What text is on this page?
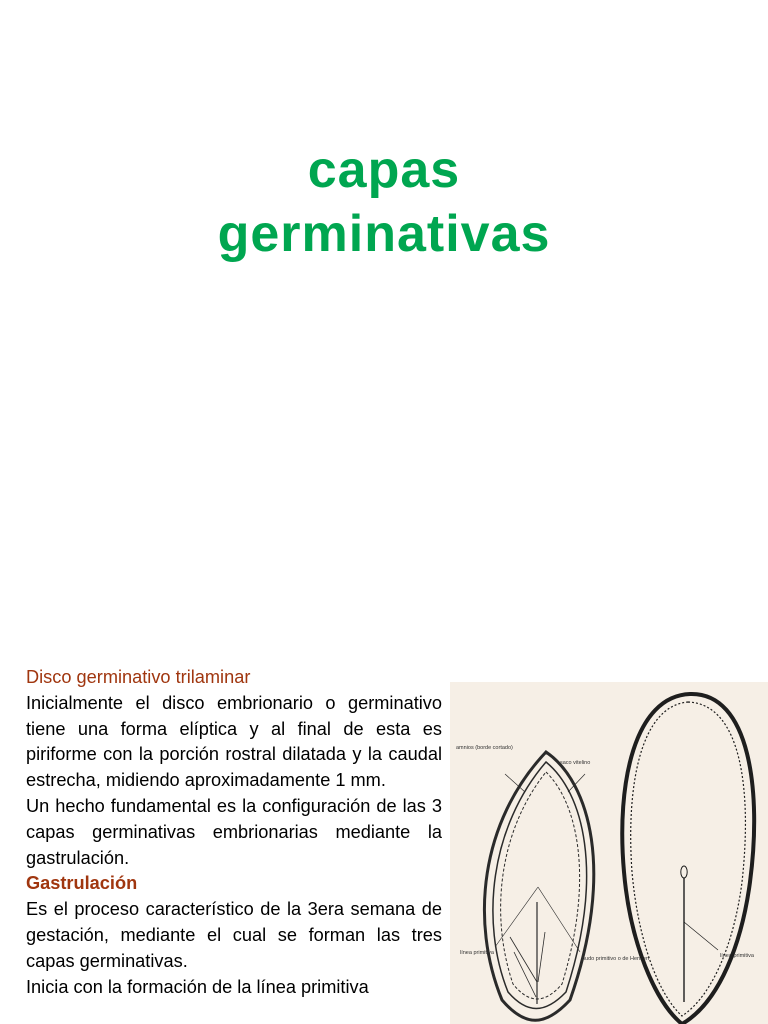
capas
germinativas

Disco germinativo trilaminar

Inicialmente el disco embrionario o germinativo tiene una forma elíptica y al final de esta es piriforme con la porción rostral dilatada y la caudal estrecha, midiendo aproximadamente 1 mm.

Un hecho fundamental es la configuración de las 3 capas germinativas embrionarias mediante la gastrulación.

Gastrulación

Es el proceso característico de la 3era semana de gestación, mediante el cual se forman las tres capas germinativas.

Inicia con la formación de la línea primitiva

amnios (borde cortado)
saco vitelino
línea primitiva
nudo primitivo o de Hensen	línea primitiva
